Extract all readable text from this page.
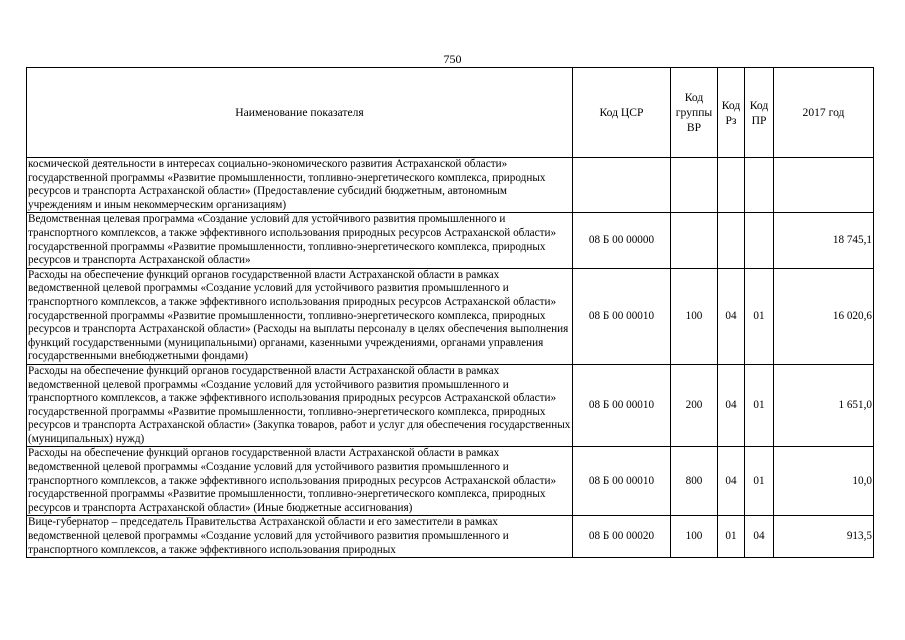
750
Наименование показателя	Код ЦСР	Код группы ВР	Код Рз	Код ПР	2017 год
космической деятельности в интересах социально-экономического развития Астраханской области» государственной программы «Развитие промышленности, топливно-энергетического комплекса, природных ресурсов и транспорта Астраханской области» (Предоставление субсидий бюджетным, автономным учреждениям и иным некоммерческим организациям)					
Ведомственная целевая программа «Создание условий для устойчивого развития промышленного и транспортного комплексов, а также эффективного использования природных ресурсов Астраханской области» государственной программы «Развитие промышленности, топливно-энергетического комплекса, природных ресурсов и транспорта Астраханской области»	08 Б 00 00000				18 745,1
Расходы на обеспечение функций органов государственной власти Астраханской области в рамках ведомственной целевой программы «Создание условий для устойчивого развития промышленного и транспортного комплексов, а также эффективного использования природных ресурсов Астраханской области» государственной программы «Развитие промышленности, топливно-энергетического комплекса, природных ресурсов и транспорта Астраханской области» (Расходы на выплаты персоналу в целях обеспечения выполнения функций государственными (муниципальными) органами, казенными учреждениями, органами управления государственными внебюджетными фондами)	08 Б 00 00010	100	04	01	16 020,6
Расходы на обеспечение функций органов государственной власти Астраханской области в рамках ведомственной целевой программы «Создание условий для устойчивого развития промышленного и транспортного комплексов, а также эффективного использования природных ресурсов Астраханской области» государственной программы «Развитие промышленности, топливно-энергетического комплекса, природных ресурсов и транспорта Астраханской области» (Закупка товаров, работ и услуг для обеспечения государственных (муниципальных) нужд)	08 Б 00 00010	200	04	01	1 651,0
Расходы на обеспечение функций органов государственной власти Астраханской области в рамках ведомственной целевой программы «Создание условий для устойчивого развития промышленного и транспортного комплексов, а также эффективного использования природных ресурсов Астраханской области» государственной программы «Развитие промышленности, топливно-энергетического комплекса, природных ресурсов и транспорта Астраханской области» (Иные бюджетные ассигнования)	08 Б 00 00010	800	04	01	10,0
Вице-губернатор – председатель Правительства Астраханской области и его заместители в рамках ведомственной целевой программы «Создание условий для устойчивого развития промышленного и транспортного комплексов, а также эффективного использования природных	08 Б 00 00020	100	01	04	913,5
